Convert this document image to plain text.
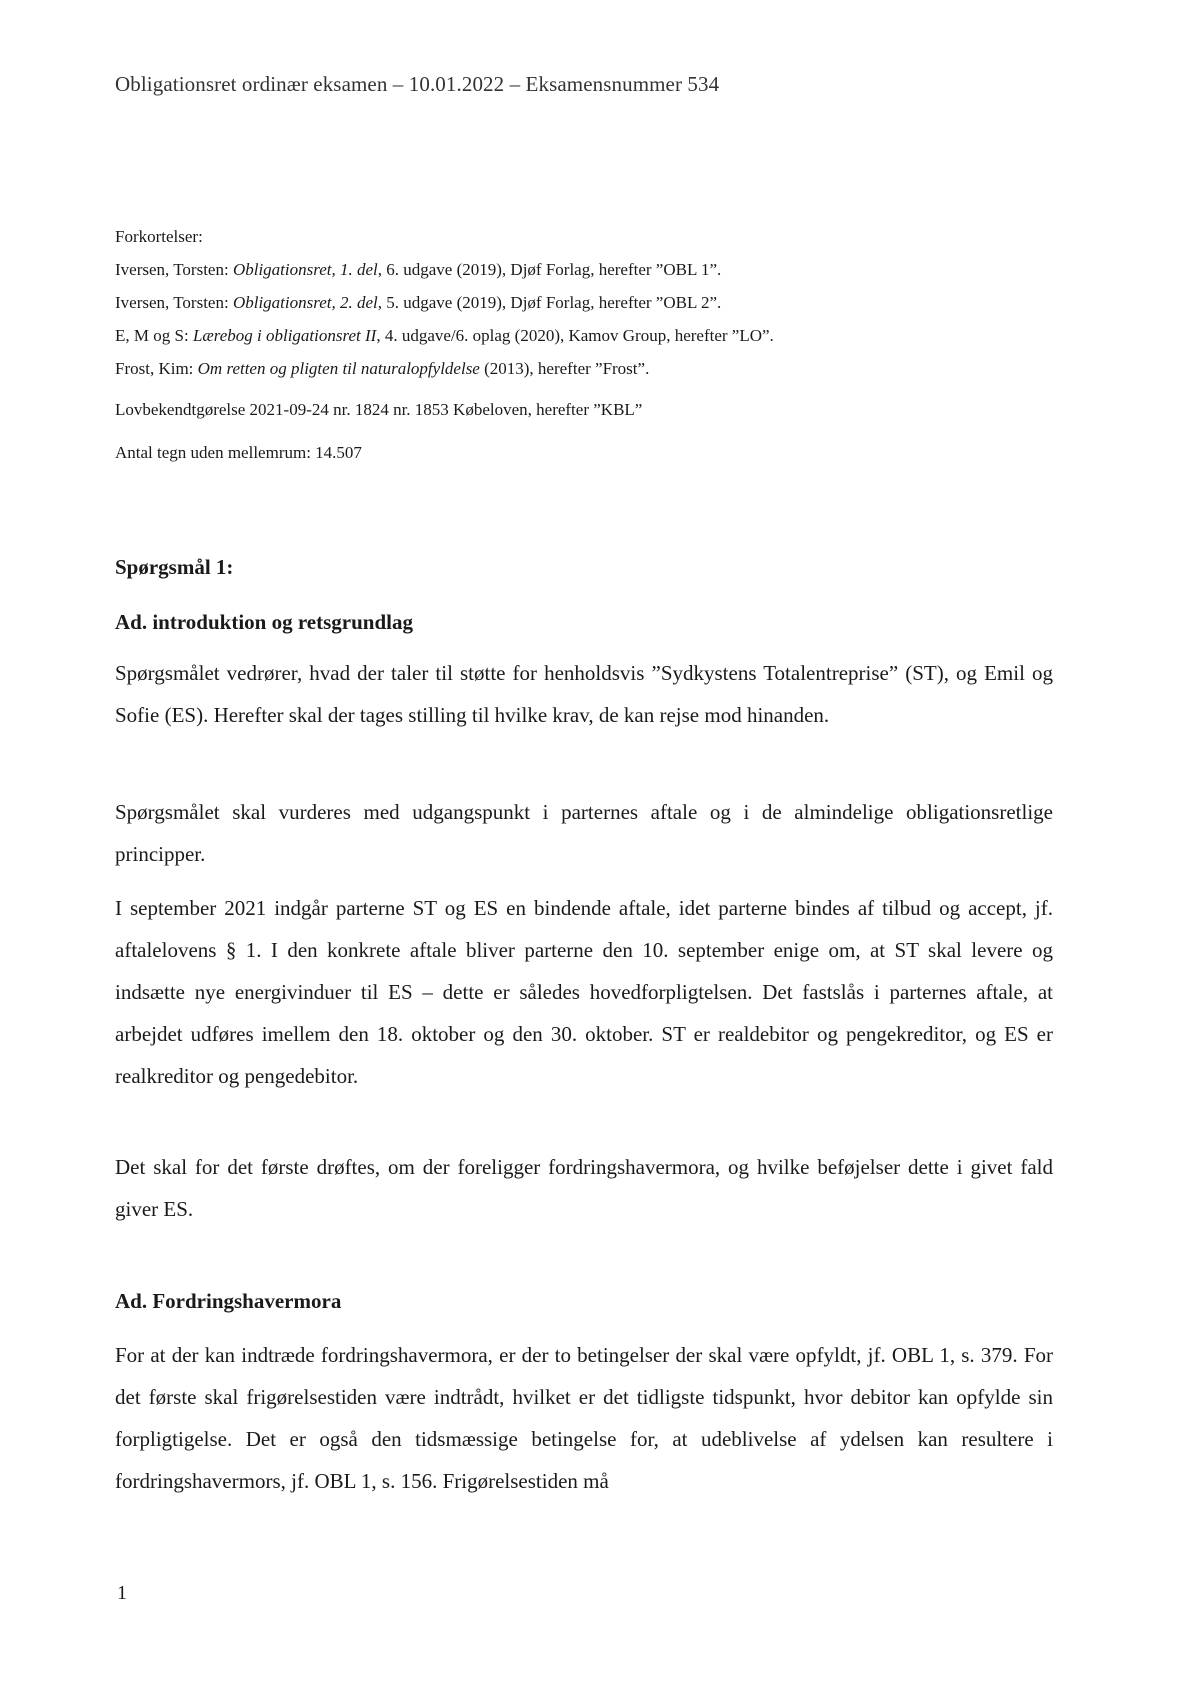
Obligationsret ordinær eksamen – 10.01.2022 – Eksamensnummer 534
Forkortelser:
Iversen, Torsten: Obligationsret, 1. del, 6. udgave (2019), Djøf Forlag, herefter ”OBL 1”.
Iversen, Torsten: Obligationsret, 2. del, 5. udgave (2019), Djøf Forlag, herefter ”OBL 2”.
E, M og S: Lærebog i obligationsret II, 4. udgave/6. oplag (2020), Kamov Group, herefter ”LO”.
Frost, Kim: Om retten og pligten til naturalopfyldelse (2013), herefter ”Frost”.
Lovbekendtgørelse 2021-09-24 nr. 1824 nr. 1853 Købeloven, herefter ”KBL”
Antal tegn uden mellemrum: 14.507
Spørgsmål 1:
Ad. introduktion og retsgrundlag

Spørgsmålet vedrører, hvad der taler til støtte for henholdsvis ”Sydkystens Totalentreprise” (ST), og Emil og Sofie (ES). Herefter skal der tages stilling til hvilke krav, de kan rejse mod hinanden.

Spørgsmålet skal vurderes med udgangspunkt i parternes aftale og i de almindelige obligationsretlige principper.

I september 2021 indgår parterne ST og ES en bindende aftale, idet parterne bindes af tilbud og accept, jf. aftalelovens § 1. I den konkrete aftale bliver parterne den 10. september enige om, at ST skal levere og indsætte nye energivinduer til ES – dette er således hovedforpligtelsen. Det fastslås i parternes aftale, at arbejdet udføres imellem den 18. oktober og den 30. oktober. ST er realdebitor og pengekreditor, og ES er realkreditor og pengedebitor.

Det skal for det første drøftes, om der foreligger fordringshavermora, og hvilke beføjelser dette i givet fald giver ES.

Ad. Fordringshavermora

For at der kan indtræde fordringshavermora, er der to betingelser der skal være opfyldt, jf. OBL 1, s. 379. For det første skal frigørelsestiden være indtrådt, hvilket er det tidligste tidspunkt, hvor debitor kan opfylde sin forpligtigelse. Det er også den tidsmæssige betingelse for, at udeblivelse af ydelsen kan resultere i fordringshavermors, jf. OBL 1, s. 156. Frigørelsestiden må

1
